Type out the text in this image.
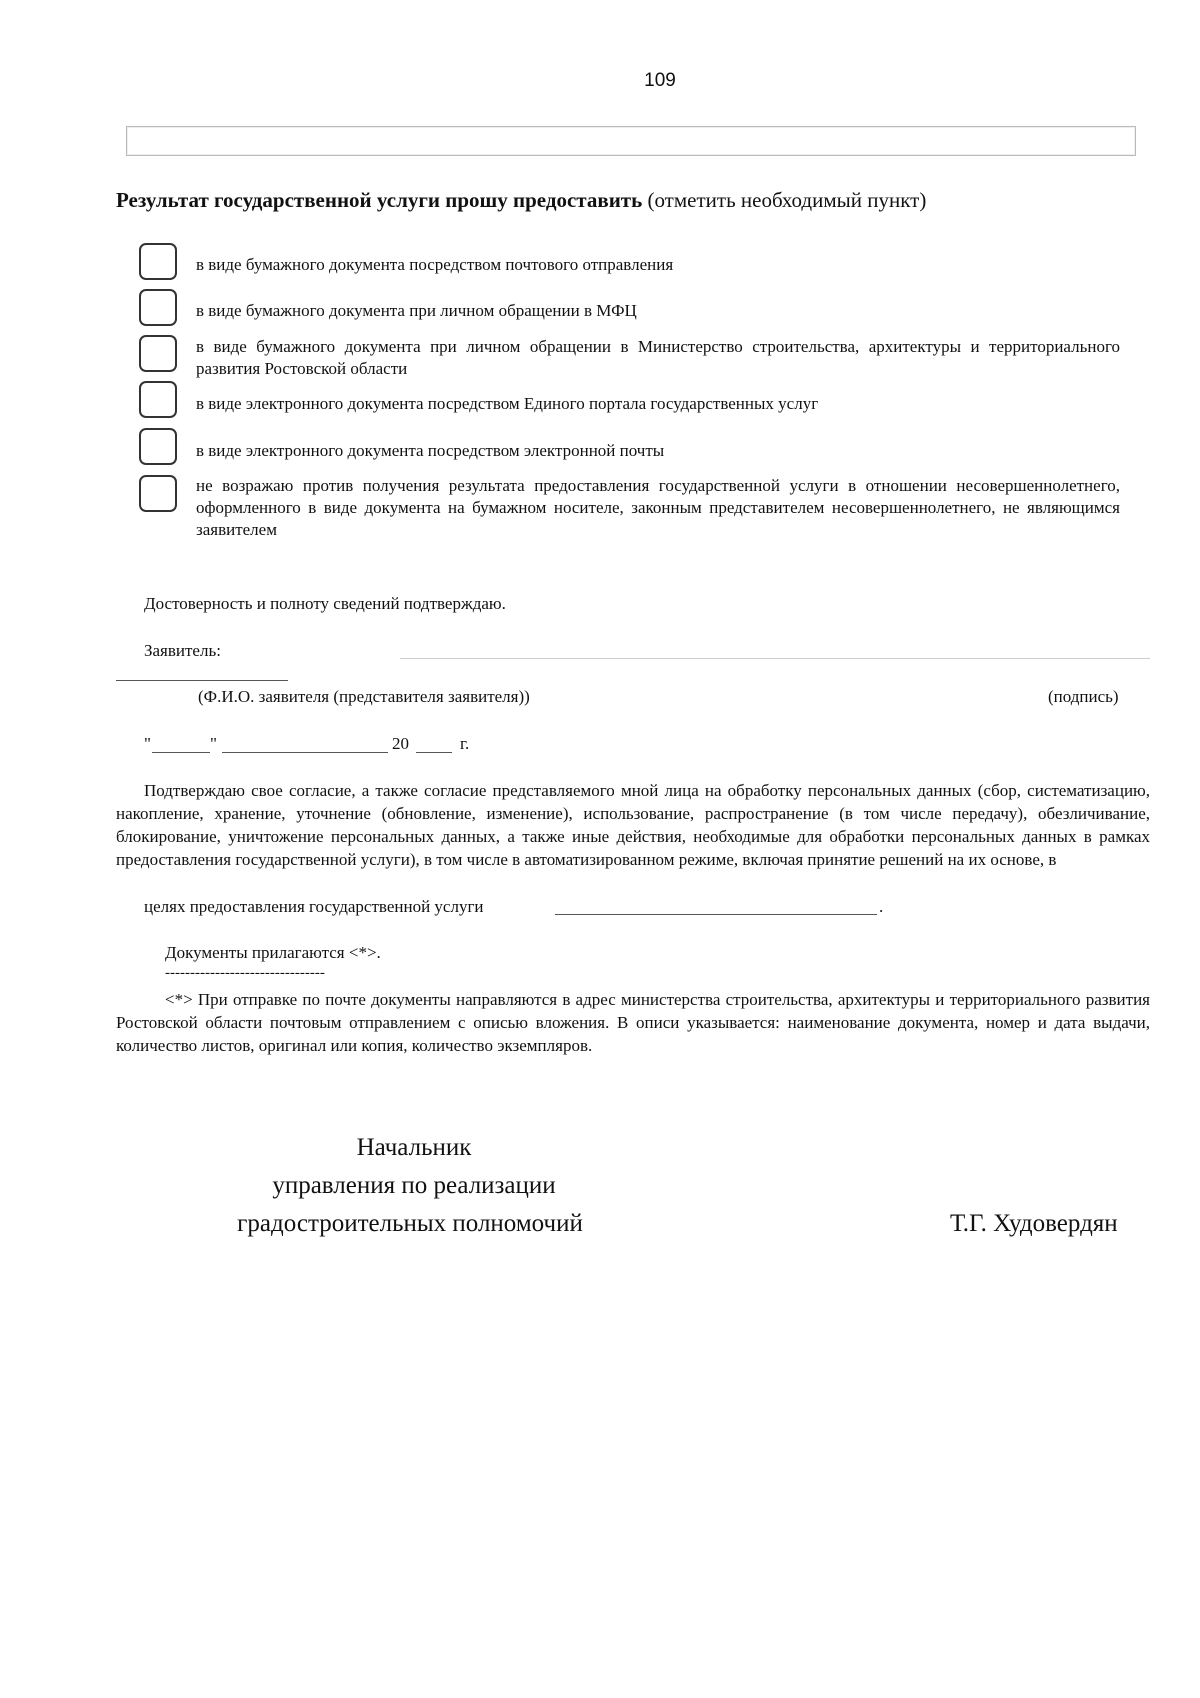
109
Результат государственной услуги прошу предоставить (отметить необходимый пункт)
в виде бумажного документа посредством почтового отправления
в виде бумажного документа при личном обращении в МФЦ
в виде бумажного документа при личном обращении в Министерство строительства, архитектуры и территориального развития Ростовской области
в виде электронного документа посредством Единого портала государственных услуг
в виде электронного документа посредством электронной почты
не возражаю против получения результата предоставления государственной услуги в отношении несовершеннолетнего, оформленного в виде документа на бумажном носителе, законным представителем несовершеннолетнего, не являющимся заявителем
Достоверность и полноту сведений подтверждаю.
Заявитель:
(Ф.И.О. заявителя (представителя заявителя))	(подпись)
"	"	20	г.
Подтверждаю свое согласие, а также согласие представляемого мной лица на обработку персональных данных (сбор, систематизацию, накопление, хранение, уточнение (обновление, изменение), использование, распространение (в том числе передачу), обезличивание, блокирование, уничтожение персональных данных, а также иные действия, необходимые для обработки персональных данных в рамках предоставления государственной услуги), в том числе в автоматизированном режиме, включая принятие решений на их основе, в
целях предоставления государственной услуги	.
Документы прилагаются <*>.
--------------------------------
<*> При отправке по почте документы направляются в адрес министерства строительства, архитектуры и территориального развития Ростовской области почтовым отправлением с описью вложения. В описи указывается: наименование документа, номер и дата выдачи, количество листов, оригинал или копия, количество экземпляров.
Начальник
управления по реализации
градостроительных полномочий	Т.Г. Худовердян
